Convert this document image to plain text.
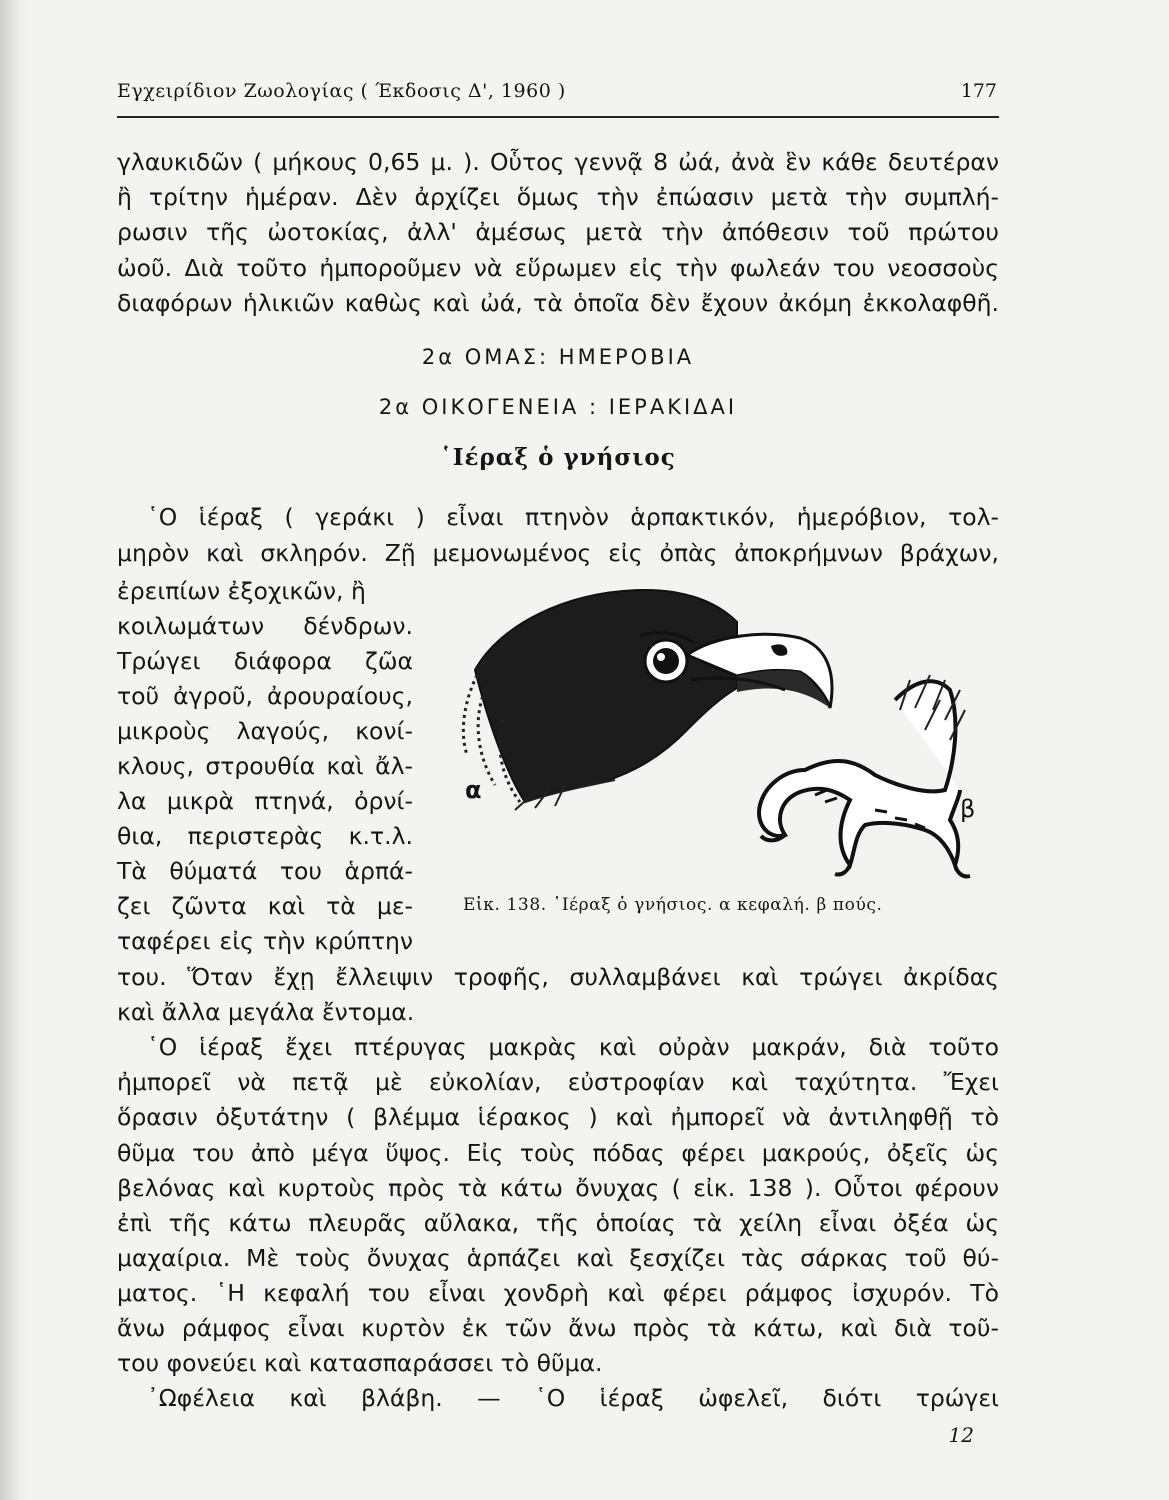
Εγχειρίδιον Ζωολογίας ( Έκδοσις Δ', 1960 )	177
γλαυκιδῶν ( μήκους 0,65 μ. ). Οὗτος γεννᾷ 8 ὠά, ἀνὰ ἓν κάθε δευτέραν
ἢ τρίτην ἡμέραν. Δὲν ἀρχίζει ὅμως τὴν ἐπώασιν μετὰ τὴν συμπλή-
ρωσιν τῆς ὠοτοκίας, ἀλλ' ἀμέσως μετὰ τὴν ἀπόθεσιν τοῦ πρώτου
ὠοῦ. Διὰ τοῦτο ἠμποροῦμεν νὰ εὕρωμεν εἰς τὴν φωλεάν του νεοσσοὺς
διαφόρων ἡλικιῶν καθὼς καὶ ὠά, τὰ ὁποῖα δὲν ἔχουν ἀκόμη ἐκκολαφθῆ.
2α ΟΜΑΣ: ΗΜΕΡΟΒΙΑ
2α ΟΙΚΟΓΕΝΕΙΑ : ΙΕΡΑΚΙΔΑΙ
῾Ιέραξ ὁ γνήσιος
῾Ο ἱέραξ ( γεράκι ) εἶναι πτηνὸν ἁρπακτικόν, ἡμερόβιον, τολ-
μηρὸν καὶ σκληρόν. Ζῇ μεμονωμένος εἰς ὀπὰς ἀποκρήμνων βράχων,
ἐρειπίων ἐξοχικῶν, ἢ
κοιλωμάτων δένδρων.
Τρώγει διάφορα ζῶα
τοῦ ἀγροῦ, ἀρουραίους,
μικροὺς λαγούς, κονί-
κλους, στρουθία καὶ ἄλ-
λα μικρὰ πτηνά, ὀρνί-
θια, περιστερὰς κ.τ.λ.
Τὰ θύματά του ἁρπά-
ζει ζῶντα καὶ τὰ με-
ταφέρει εἰς τὴν κρύπτην
α
β
Εἰκ. 138. ῾Ιέραξ ὁ γνήσιος. α κεφαλή. β πούς.
του. Ὅταν ἔχῃ ἔλλειψιν τροφῆς, συλλαμβάνει καὶ τρώγει ἀκρίδας
καὶ ἄλλα μεγάλα ἔντομα.
῾Ο ἱέραξ ἔχει πτέρυγας μακρὰς καὶ οὐρὰν μακράν, διὰ τοῦτο
ἠμπορεῖ νὰ πετᾷ μὲ εὐκολίαν, εὐστροφίαν καὶ ταχύτητα. Ἔχει
ὅρασιν ὀξυτάτην ( βλέμμα ἱέρακος ) καὶ ἠμπορεῖ νὰ ἀντιληφθῇ τὸ
θῦμα του ἀπὸ μέγα ὕψος. Εἰς τοὺς πόδας φέρει μακρούς, ὀξεῖς ὡς
βελόνας καὶ κυρτοὺς πρὸς τὰ κάτω ὄνυχας ( εἰκ. 138 ). Οὗτοι φέρουν
ἐπὶ τῆς κάτω πλευρᾶς αὔλακα, τῆς ὁποίας τὰ χείλη εἶναι ὀξέα ὡς
μαχαίρια. Μὲ τοὺς ὄνυχας ἁρπάζει καὶ ξεσχίζει τὰς σάρκας τοῦ θύ-
ματος. ῾Η κεφαλή του εἶναι χονδρὴ καὶ φέρει ράμφος ἰσχυρόν. Τὸ
ἄνω ράμφος εἶναι κυρτὸν ἐκ τῶν ἄνω πρὸς τὰ κάτω, καὶ διὰ τοῦ-
του φονεύει καὶ κατασπαράσσει τὸ θῦμα.
᾿Ωφέλεια καὶ βλάβη. — ῾Ο ἱέραξ ὠφελεῖ, διότι τρώγει
12
